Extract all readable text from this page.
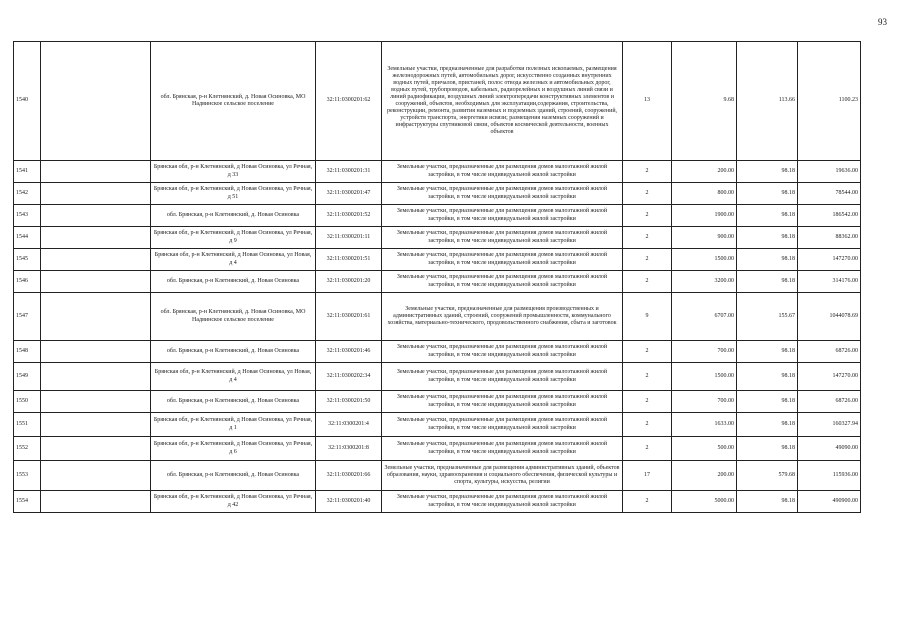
93
1540		обл. Брянская, р-н Клетнянский, д. Новая Осиновка, МО Надвинское сельское поселение	32:11:0300201:62	Земельные участки, предназначенные для разработки полезных ископаемых, размещения железнодорожных путей, автомобильных дорог, искусственно созданных внутренних водных путей, причалов, пристаней, полос отвода железных и автомобильных дорог, водных путей, трубопроводов, кабельных, радиорелейных и воздушных линий связи и линий радиофикации, воздушных линий электропередачи конструктивных элементов и сооружений, объектов, необходимых для эксплуатации,содержания, строительства, реконструкции, ремонта, развития наземных и подземных зданий, строений, сооружений, устройств транспорта, энергетики исвязи; размещения наземных сооружений и инфраструктуры спутниковой связи, объектов космической деятельности, военных объектов	13	9.68	113.66	1100.23
1541		Брянская обл, р-н Клетнянский, д Новая Осиновка, ул Речная, д 33	32:11:0300201:31	Земельные участки, предназначенные для размещения домов малоэтажной жилой застройки, в том числе индивидуальной жилой застройки	2	200.00	98.18	19636.00
1542		Брянская обл, р-н Клетнянский, д Новая Осиновка, ул Речная, д 51	32:11:0300201:47	Земельные участки, предназначенные для размещения домов малоэтажной жилой застройки, в том числе индивидуальной жилой застройки	2	800.00	98.18	78544.00
1543		обл. Брянская, р-н Клетнянский, д. Новая Осиновка	32:11:0300201:52	Земельные участки, предназначенные для размещения домов малоэтажной жилой застройки, в том числе индивидуальной жилой застройки	2	1900.00	98.18	186542.00
1544		Брянская обл, р-н Клетнянский, д Новая Осиновка, ул Речная, д 9	32:11:0300201:11	Земельные участки, предназначенные для размещения домов малоэтажной жилой застройки, в том числе индивидуальной жилой застройки	2	900.00	98.18	88362.00
1545		Брянская обл, р-н Клетнянский, д Новая Осиновка, ул Новая, д 4	32:11:0300201:51	Земельные участки, предназначенные для размещения домов малоэтажной жилой застройки, в том числе индивидуальной жилой застройки	2	1500.00	98.18	147270.00
1546		обл. Брянская, р-н Клетнянский, д. Новая Осиновка	32:11:0300201:20	Земельные участки, предназначенные для размещения домов малоэтажной жилой застройки, в том числе индивидуальной жилой застройки	2	3200.00	98.18	314176.00
1547		обл. Брянская, р-н Клетнянский, д. Новая Осиновка, МО Надвинское сельское поселение	32:11:0300201:61	Земельные участки, предназначенные для размещения производственных и административных зданий, строений, сооружений промышленности, коммунального хозяйства, материально-технического, продовольственного снабжения, сбыта и заготовок	9	6707.00	155.67	1044078.69
1548		обл. Брянская, р-н Клетнянский, д. Новая Осиновка	32:11:0300201:46	Земельные участки, предназначенные для размещения домов малоэтажной жилой застройки, в том числе индивидуальной жилой застройки	2	700.00	98.18	68726.00
1549		Брянская обл, р-н Клетнянский, д Новая Осиновка, ул Новая, д 4	32:11:0300202:34	Земельные участки, предназначенные для размещения домов малоэтажной жилой застройки, в том числе индивидуальной жилой застройки	2	1500.00	98.18	147270.00
1550		обл. Брянская, р-н Клетнянский, д. Новая Осиновка	32:11:0300201:50	Земельные участки, предназначенные для размещения домов малоэтажной жилой застройки, в том числе индивидуальной жилой застройки	2	700.00	98.18	68726.00
1551		Брянская обл, р-н Клетнянский, д Новая Осиновка, ул Речная, д 1	32:11:0300201:4	Земельные участки, предназначенные для размещения домов малоэтажной жилой застройки, в том числе индивидуальной жилой застройки	2	1633.00	98.18	160327.94
1552		Брянская обл, р-н Клетнянский, д Новая Осиновка, ул Речная, д 6	32:11:0300201:8	Земельные участки, предназначенные для размещения домов малоэтажной жилой застройки, в том числе индивидуальной жилой застройки	2	500.00	98.18	49090.00
1553		обл. Брянская, р-н Клетнянский, д. Новая Осиновка	32:11:0300201:66	Земельные участки, предназначенные для размещения административных зданий, объектов образования, науки, здравоохранения и социального обеспечения, физической культуры и спорта, культуры, искусства, религии	17	200.00	579.68	115936.00
1554		Брянская обл, р-н Клетнянский, д Новая Осиновка, ул Речная, д 42	32:11:0300201:40	Земельные участки, предназначенные для размещения домов малоэтажной жилой застройки, в том числе индивидуальной жилой застройки	2	5000.00	98.18	490900.00
